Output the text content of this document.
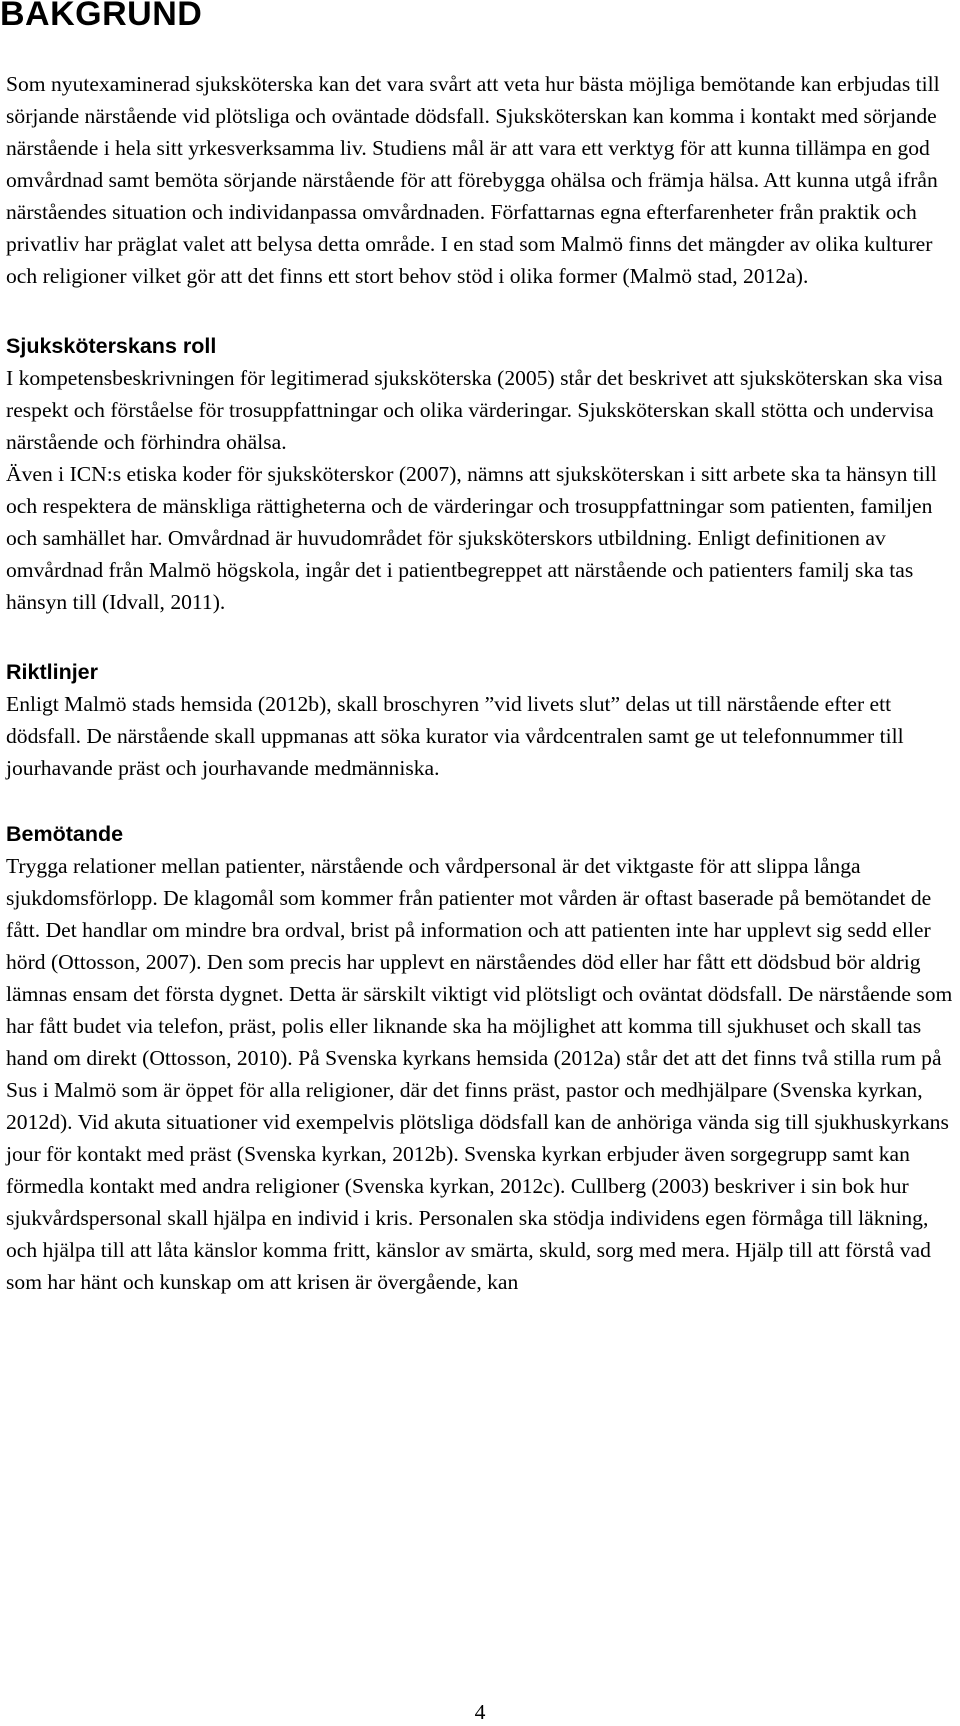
BAKGRUND

Som nyutexaminerad sjuksköterska kan det vara svårt att veta hur bästa möjliga bemötande kan erbjudas till sörjande närstående vid plötsliga och oväntade dödsfall. Sjuksköterskan kan komma i kontakt med sörjande närstående i hela sitt yrkesverksamma liv. Studiens mål är att vara ett verktyg för att kunna tillämpa en god omvårdnad samt bemöta sörjande närstående för att förebygga ohälsa och främja hälsa. Att kunna utgå ifrån närståendes situation och individanpassa omvårdnaden. Författarnas egna efterfarenheter från praktik och privatliv har präglat valet att belysa detta område. I en stad som Malmö finns det mängder av olika kulturer och religioner vilket gör att det finns ett stort behov stöd i olika former (Malmö stad, 2012a).

Sjuksköterskans roll

I kompetensbeskrivningen för legitimerad sjuksköterska (2005) står det beskrivet att sjuksköterskan ska visa respekt och förståelse för trosuppfattningar och olika värderingar. Sjuksköterskan skall stötta och undervisa närstående och förhindra ohälsa.

Även i ICN:s etiska koder för sjuksköterskor (2007), nämns att sjuksköterskan i sitt arbete ska ta hänsyn till och respektera de mänskliga rättigheterna och de värderingar och trosuppfattningar som patienten, familjen och samhället har. Omvårdnad är huvudområdet för sjuksköterskors utbildning. Enligt definitionen av omvårdnad från Malmö högskola, ingår det i patientbegreppet att närstående och patienters familj ska tas hänsyn till (Idvall, 2011).

Riktlinjer

Enligt Malmö stads hemsida (2012b), skall broschyren ”vid livets slut” delas ut till närstående efter ett dödsfall. De närstående skall uppmanas att söka kurator via vårdcentralen samt ge ut telefonnummer till jourhavande präst och jourhavande medmänniska.

Bemötande

Trygga relationer mellan patienter, närstående och vårdpersonal är det viktgaste för att slippa långa sjukdomsförlopp. De klagomål som kommer från patienter mot vården är oftast baserade på bemötandet de fått. Det handlar om mindre bra ordval, brist på information och att patienten inte har upplevt sig sedd eller hörd (Ottosson, 2007). Den som precis har upplevt en närståendes död eller har fått ett dödsbud bör aldrig lämnas ensam det första dygnet. Detta är särskilt viktigt vid plötsligt och oväntat dödsfall. De närstående som har fått budet via telefon, präst, polis eller liknande ska ha möjlighet att komma till sjukhuset och skall tas hand om direkt (Ottosson, 2010). På Svenska kyrkans hemsida (2012a) står det att det finns två stilla rum på Sus i Malmö som är öppet för alla religioner, där det finns präst, pastor och medhjälpare (Svenska kyrkan, 2012d). Vid akuta situationer vid exempelvis plötsliga dödsfall kan de anhöriga vända sig till sjukhuskyrkans jour för kontakt med präst (Svenska kyrkan, 2012b). Svenska kyrkan erbjuder även sorgegrupp samt kan förmedla kontakt med andra religioner (Svenska kyrkan, 2012c). Cullberg (2003) beskriver i sin bok hur sjukvårdspersonal skall hjälpa en individ i kris. Personalen ska stödja individens egen förmåga till läkning, och hjälpa till att låta känslor komma fritt, känslor av smärta, skuld, sorg med mera. Hjälp till att förstå vad som har hänt och kunskap om att krisen är övergående, kan

4
